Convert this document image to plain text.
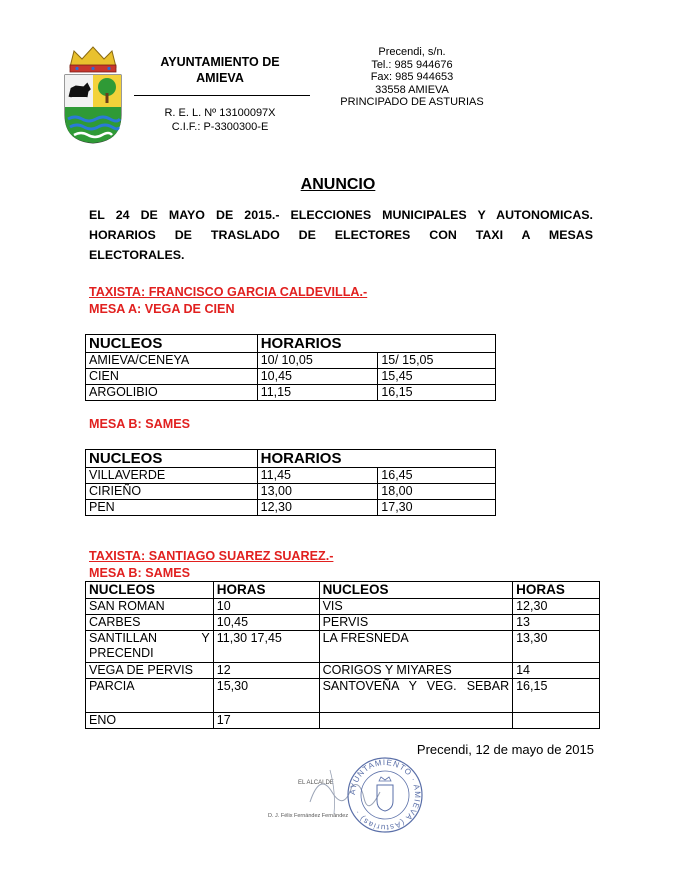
AYUNTAMIENTO DE
AMIEVA
R. E. L. Nº 13100097X
C.I.F.: P-3300300-E
Precendi, s/n.
Tel.: 985 944676
Fax: 985 944653
33558 AMIEVA
PRINCIPADO DE ASTURIAS
ANUNCIO
EL 24 DE MAYO DE 2015.- ELECCIONES MUNICIPALES Y AUTONOMICAS.
HORARIOS DE TRASLADO DE ELECTORES CON TAXI A MESAS
ELECTORALES.
TAXISTA: FRANCISCO GARCIA CALDEVILLA.-
MESA A: VEGA DE CIEN
NUCLEOS	HORARIOS	
AMIEVA/CENEYA	10/ 10,05	15/ 15,05
CIEN	10,45	15,45
ARGOLIBIO	11,15	16,15
MESA B: SAMES
NUCLEOS	HORARIOS	
VILLAVERDE	11,45	16,45
CIRIEÑO	13,00	18,00
PEN	12,30	17,30
TAXISTA: SANTIAGO SUAREZ SUAREZ.-
MESA B: SAMES
NUCLEOS	HORAS	NUCLEOS	HORAS
SAN ROMAN	10	VIS	12,30
CARBES	10,45	PERVIS	13
SANTILLAN Y PRECENDI	11,30 17,45	LA FRESNEDA	13,30
VEGA DE PERVIS	12	CORIGOS Y MIYARES	14
PARCIA	15,30	SANTOVEÑA Y VEG. SEBAR	16,15
ENO	17		
Precendi, 12 de mayo de 2015
EL ALCALDE
D. J. Félix Fernández Fernández
AYUNTAMIENTO · AMIEVA (Asturias) ·
